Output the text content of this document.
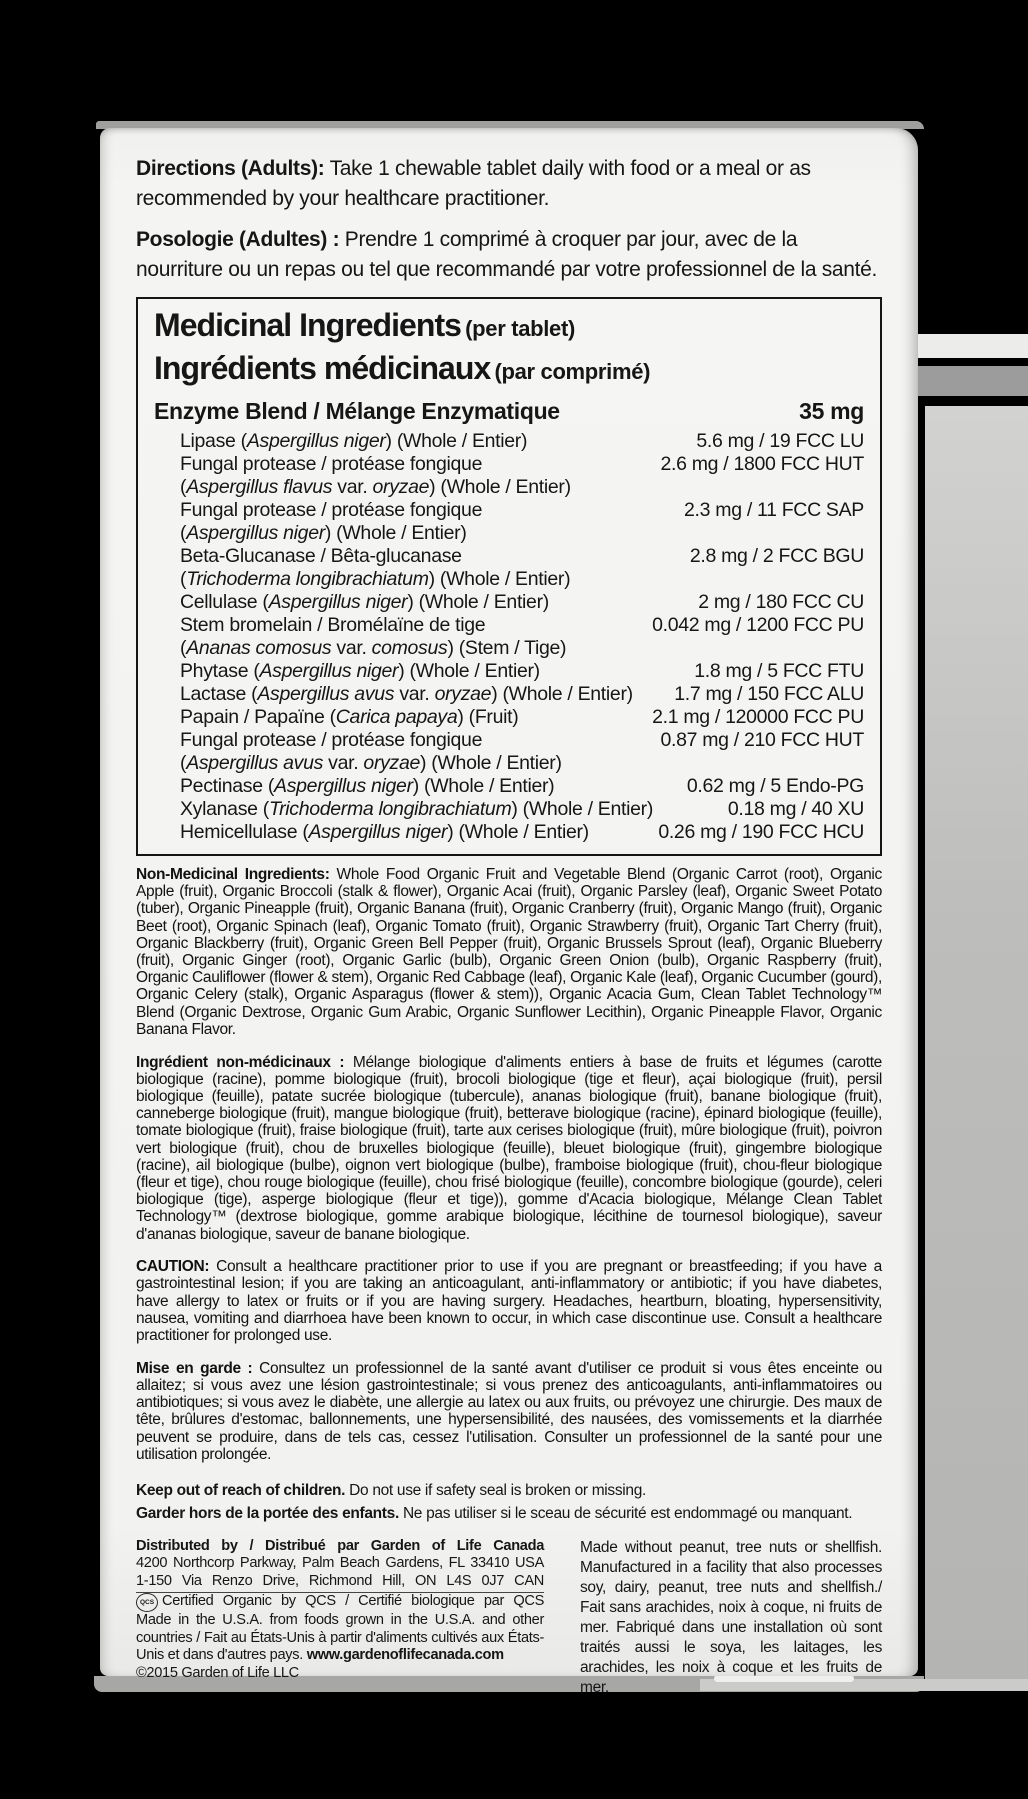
Directions (Adults): Take 1 chewable tablet daily with food or a meal or as recommended by your healthcare practitioner.

Posologie (Adultes) : Prendre 1 comprimé à croquer par jour, avec de la nourriture ou un repas ou tel que recommandé par votre professionnel de la santé.

Medicinal Ingredients (per tablet)
Ingrédients médicinaux (par comprimé)
Enzyme Blend / Mélange Enzymatique	35 mg
Lipase (Aspergillus niger) (Whole / Entier)	5.6 mg / 19 FCC LU
Fungal protease / protéase fongique
(Aspergillus flavus var. oryzae) (Whole / Entier)
2.6 mg / 1800 FCC HUT
Fungal protease / protéase fongique
(Aspergillus niger) (Whole / Entier)
2.3 mg / 11 FCC SAP
Beta-Glucanase / Bêta-glucanase
(Trichoderma longibrachiatum) (Whole / Entier)
2.8 mg / 2 FCC BGU
Cellulase (Aspergillus niger) (Whole / Entier)	2 mg / 180 FCC CU
Stem bromelain / Bromélaïne de tige
(Ananas comosus var. comosus) (Stem / Tige)
0.042 mg / 1200 FCC PU
Phytase (Aspergillus niger) (Whole / Entier)	1.8 mg / 5 FCC FTU
Lactase (Aspergillus avus var. oryzae) (Whole / Entier) 1.7 mg / 150 FCC ALU
Papain / Papaïne (Carica papaya) (Fruit)	2.1 mg / 120000 FCC PU
Fungal protease / protéase fongique
(Aspergillus avus var. oryzae) (Whole / Entier)
0.87 mg / 210 FCC HUT
Pectinase (Aspergillus niger) (Whole / Entier)	0.62 mg / 5 Endo-PG
Xylanase (Trichoderma longibrachiatum) (Whole / Entier)	0.18 mg / 40 XU
Hemicellulase (Aspergillus niger) (Whole / Entier)	0.26 mg / 190 FCC HCU

Non-Medicinal Ingredients: Whole Food Organic Fruit and Vegetable Blend (Organic Carrot (root), Organic Apple (fruit), Organic Broccoli (stalk & flower), Organic Acai (fruit), Organic Parsley (leaf), Organic Sweet Potato (tuber), Organic Pineapple (fruit), Organic Banana (fruit), Organic Cranberry (fruit), Organic Mango (fruit), Organic Beet (root), Organic Spinach (leaf), Organic Tomato (fruit), Organic Strawberry (fruit), Organic Tart Cherry (fruit), Organic Blackberry (fruit), Organic Green Bell Pepper (fruit), Organic Brussels Sprout (leaf), Organic Blueberry (fruit), Organic Ginger (root), Organic Garlic (bulb), Organic Green Onion (bulb), Organic Raspberry (fruit), Organic Cauliflower (flower & stem), Organic Red Cabbage (leaf), Organic Kale (leaf), Organic Cucumber (gourd), Organic Celery (stalk), Organic Asparagus (flower & stem)), Organic Acacia Gum, Clean Tablet Technology™ Blend (Organic Dextrose, Organic Gum Arabic, Organic Sunflower Lecithin), Organic Pineapple Flavor, Organic Banana Flavor.

Ingrédient non-médicinaux : Mélange biologique d'aliments entiers à base de fruits et légumes (carotte biologique (racine), pomme biologique (fruit), brocoli biologique (tige et fleur), açai biologique (fruit), persil biologique (feuille), patate sucrée biologique (tubercule), ananas biologique (fruit), banane biologique (fruit), canneberge biologique (fruit), mangue biologique (fruit), betterave biologique (racine), épinard biologique (feuille), tomate biologique (fruit), fraise biologique (fruit), tarte aux cerises biologique (fruit), mûre biologique (fruit), poivron vert biologique (fruit), chou de bruxelles biologique (feuille), bleuet biologique (fruit), gingembre biologique (racine), ail biologique (bulbe), oignon vert biologique (bulbe), framboise biologique (fruit), chou-fleur biologique (fleur et tige), chou rouge biologique (feuille), chou frisé biologique (feuille), concombre biologique (gourde), celeri biologique (tige), asperge biologique (fleur et tige)), gomme d'Acacia biologique, Mélange Clean Tablet Technology™ (dextrose biologique, gomme arabique biologique, lécithine de tournesol biologique), saveur d'ananas biologique, saveur de banane biologique.

CAUTION: Consult a healthcare practitioner prior to use if you are pregnant or breastfeeding; if you have a gastrointestinal lesion; if you are taking an anticoagulant, anti-inflammatory or antibiotic; if you have diabetes, have allergy to latex or fruits or if you are having surgery. Headaches, heartburn, bloating, hypersensitivity, nausea, vomiting and diarrhoea have been known to occur, in which case discontinue use. Consult a healthcare practitioner for prolonged use.

Mise en garde : Consultez un professionnel de la santé avant d'utiliser ce produit si vous êtes enceinte ou allaitez; si vous avez une lésion gastrointestinale; si vous prenez des anticoagulants, anti-inflammatoires ou antibiotiques; si vous avez le diabète, une allergie au latex ou aux fruits, ou prévoyez une chirurgie. Des maux de tête, brûlures d'estomac, ballonnements, une hypersensibilité, des nausées, des vomissements et la diarrhée peuvent se produire, dans de tels cas, cessez l'utilisation. Consulter un professionnel de la santé pour une utilisation prolongée.

Keep out of reach of children. Do not use if safety seal is broken or missing.
Garder hors de la portée des enfants. Ne pas utiliser si le sceau de sécurité est endommagé ou manquant.
Distributed by / Distribué par Garden of Life Canada
4200 Northcorp Parkway, Palm Beach Gardens, FL 33410 USA
1-150 Via Renzo Drive, Richmond Hill, ON L4S 0J7 CAN
QCS Certified Organic by QCS / Certifié biologique par QCS
Made in the U.S.A. from foods grown in the U.S.A. and other countries / Fait au États-Unis à partir d'aliments cultivés aux États-Unis et dans d'autres pays. www.gardenoflifecanada.com
©2015 Garden of Life LLC
Made without peanut, tree nuts or shellfish. Manufactured in a facility that also processes soy, dairy, peanut, tree nuts and shellfish./ Fait sans arachides, noix à coque, ni fruits de mer. Fabriqué dans une installation où sont traités aussi le soya, les laitages, les arachides, les noix à coque et les fruits de mer.
